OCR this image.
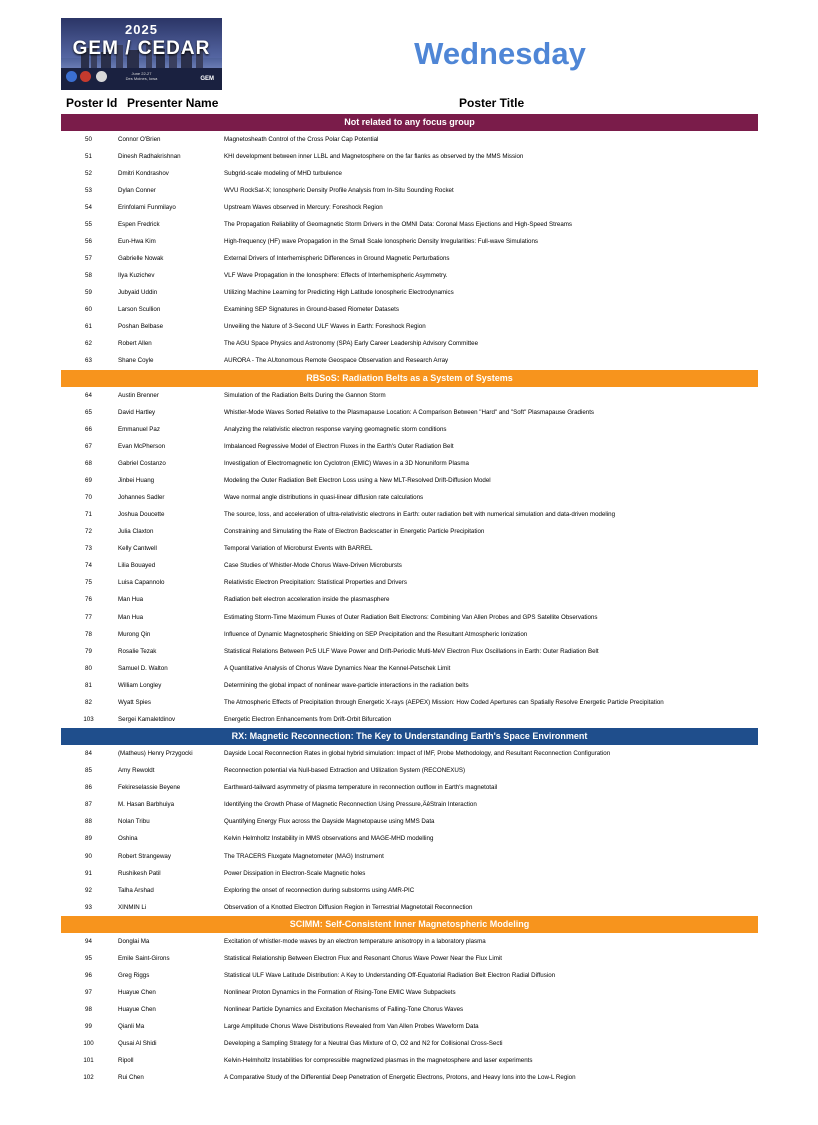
2025
GEM / CEDAR
June 22-27
Des Moines, Iowa	GEM
Wednesday
Poster Id Presenter Name	Poster Title
Not related to any focus group
50	Connor O'Brien	Magnetosheath Control of the Cross Polar Cap Potential
51	Dinesh Radhakrishnan	KHI development between inner LLBL and Magnetosphere on the far flanks as observed by the MMS Mission
52	Dmitri Kondrashov	Subgrid-scale modeling of MHD turbulence
53	Dylan Conner	WVU RockSat-X; Ionospheric Density Profile Analysis from In-Situ Sounding Rocket
54	Erinfolami Funmilayo	Upstream Waves observed in Mercury: Foreshock Region
55	Espen Fredrick	The Propagation Reliability of Geomagnetic Storm Drivers in the OMNI Data: Coronal Mass Ejections and High-Speed Streams
56	Eun-Hwa Kim	High-frequency (HF) wave Propagation in the Small Scale Ionospheric Density Irregularities: Full-wave Simulations
57	Gabrielle Nowak	External Drivers of Interhemispheric Differences in Ground Magnetic Perturbations
58	Ilya Kuzichev	VLF Wave Propagation in the Ionosphere: Effects of Interhemispheric Asymmetry.
59	Jubyaid Uddin	Utilizing Machine Learning for Predicting High Latitude Ionospheric Electrodynamics
60	Larson Scullion	Examining SEP Signatures in Ground-based Riometer Datasets
61	Poshan Belbase	Unveiling the Nature of 3-Second ULF Waves in Earth: Foreshock Region
62	Robert Allen	The AGU Space Physics and Astronomy (SPA) Early Career Leadership Advisory Committee
63	Shane Coyle	AURORA - The AUtonomous Remote Geospace Observation and Research Array
RBSoS: Radiation Belts as a System of Systems
64	Austin Brenner	Simulation of the Radiation Belts During the Gannon Storm
65	David Hartley	Whistler-Mode Waves Sorted Relative to the Plasmapause Location: A Comparison Between "Hard" and "Soft" Plasmapause Gradients
66	Emmanuel Paz	Analyzing the relativistic electron response varying geomagnetic storm conditions
67	Evan McPherson	Imbalanced Regressive Model of Electron Fluxes in the Earth's Outer Radiation Belt
68	Gabriel Costanzo	Investigation of Electromagnetic Ion Cyclotron (EMIC) Waves in a 3D Nonuniform Plasma
69	Jinbei Huang	Modeling the Outer Radiation Belt Electron Loss using a New MLT-Resolved Drift-Diffusion Model
70	Johannes Sadler	Wave normal angle distributions in quasi-linear diffusion rate calculations
71	Joshua Doucette	The source, loss, and acceleration of ultra-relativistic electrons in Earth: outer radiation belt with numerical simulation and data-driven modeling
72	Julia Claxton	Constraining and Simulating the Rate of Electron Backscatter in Energetic Particle Precipitation
73	Kelly Cantwell	Temporal Variation of Microburst Events with BARREL
74	Lilia Bouayed	Case Studies of Whistler-Mode Chorus Wave-Driven Microbursts
75	Luisa Capannolo	Relativistic Electron Precipitation: Statistical Properties and Drivers
76	Man Hua	Radiation belt electron acceleration inside the plasmasphere
77	Man Hua	Estimating Storm-Time Maximum Fluxes of Outer Radiation Belt Electrons: Combining Van Allen Probes and GPS Satellite Observations
78	Murong Qin	Influence of Dynamic Magnetospheric Shielding on SEP Precipitation and the Resultant Atmospheric Ionization
79	Rosalie Tezak	Statistical Relations Between Pc5 ULF Wave Power and Drift-Periodic Multi-MeV Electron Flux Oscillations in Earth: Outer Radiation Belt
80	Samuel D. Walton	A Quantitative Analysis of Chorus Wave Dynamics Near the Kennel-Petschek Limit
81	William Longley	Determining the global impact of nonlinear wave-particle interactions in the radiation belts
82	Wyatt Spies	The Atmospheric Effects of Precipitation through Energetic X-rays (AEPEX) Mission: How Coded Apertures can Spatially Resolve Energetic Particle Precipitation
103	Sergei Kamaletdinov	Energetic Electron Enhancements from Drift-Orbit Bifurcation
RX: Magnetic Reconnection: The Key to Understanding Earth's Space Environment
84	(Matheus) Henry Przygocki	Dayside Local Reconnection Rates in global hybrid simulation: Impact of IMF, Probe Methodology, and Resultant Reconnection Configuration
85	Amy Rewoldt	Reconnection potential via Null-based Extraction and Utilization System (RECONEXUS)
86	Fekireselassie Beyene	Earthward-tailward asymmetry of plasma temperature in reconnection outflow in Earth's magnetotail
87	M. Hasan Barbhuiya	Identifying the Growth Phase of Magnetic Reconnection Using Pressure,ÄêStrain Interaction
88	Nolan Tribu	Quantifying Energy Flux across the Dayside Magnetopause using MMS Data
89	Oshina	Kelvin Helmholtz Instability in MMS observations and MAGE-MHD modelling
90	Robert Strangeway	The TRACERS Fluxgate Magnetometer (MAG) Instrument
91	Rushikesh Patil	Power Dissipation in Electron-Scale Magnetic holes
92	Talha Arshad	Exploring the onset of reconnection during substorms using AMR-PIC
93	XINMIN Li	Observation of a Knotted Electron Diffusion Region in Terrestrial Magnetotail Reconnection
SCIMM: Self-Consistent Inner Magnetospheric Modeling
94	Donglai Ma	Excitation of whistler-mode waves by an electron temperature anisotropy in a laboratory plasma
95	Emile Saint-Girons	Statistical Relationship Between Electron Flux and Resonant Chorus Wave Power Near the Flux Limit
96	Greg Riggs	Statistical ULF Wave Latitude Distribution: A Key to Understanding Off-Equatorial Radiation Belt Electron Radial Diffusion
97	Huayue Chen	Nonlinear Proton Dynamics in the Formation of Rising-Tone EMIC Wave Subpackets
98	Huayue Chen	Nonlinear Particle Dynamics and Excitation Mechanisms of Falling-Tone Chorus Waves
99	Qianli Ma	Large Amplitude Chorus Wave Distributions Revealed from Van Allen Probes Waveform Data
100	Qusai Al Shidi	Developing a Sampling Strategy for a Neutral Gas Mixture of O, O2 and N2 for Collisional Cross-Secti
101	Ripoll	Kelvin-Helmholtz Instabilities for compressible magnetized plasmas in the magnetosphere and laser experiments
102	Rui Chen	A Comparative Study of the Differential Deep Penetration of Energetic Electrons, Protons, and Heavy Ions into the Low-L Region
